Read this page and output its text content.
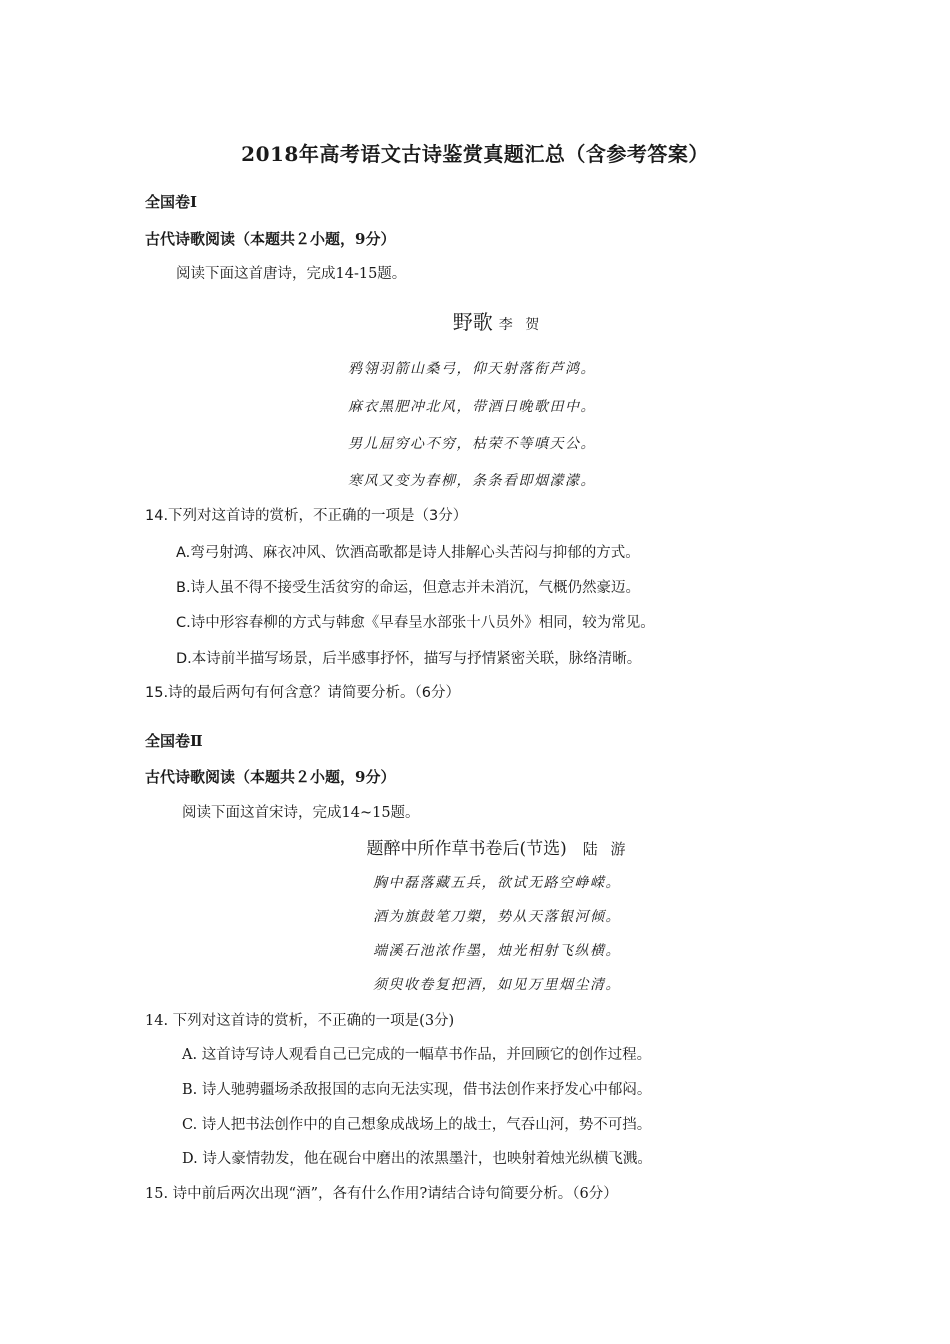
2018年高考语文古诗鉴赏真题汇总（含参考答案）
全国卷Ⅰ
古代诗歌阅读（本题共２小题，9分）
阅读下面这首唐诗，完成14-15题。
野歌 李 贺
鸦翎羽箭山桑弓，仰天射落衔芦鸿。
麻衣黑肥冲北风，带酒日晚歌田中。
男儿屈穷心不穷，枯荣不等嗔天公。
寒风又变为春柳，条条看即烟濛濛。
14.下列对这首诗的赏析，不正确的一项是（3分）
A.弯弓射鸿、麻衣冲风、饮酒高歌都是诗人排解心头苦闷与抑郁的方式。
B.诗人虽不得不接受生活贫穷的命运，但意志并未消沉，气概仍然豪迈。
C.诗中形容春柳的方式与韩愈《早春呈水部张十八员外》相同，较为常见。
D.本诗前半描写场景，后半感事抒怀，描写与抒情紧密关联，脉络清晰。
15.诗的最后两句有何含意？请简要分析。（6分）
全国卷Ⅱ
古代诗歌阅读（本题共２小题，9分）
阅读下面这首宋诗，完成14~15题。
题醉中所作草书卷后(节选) 陆 游
胸中磊落藏五兵，欲试无路空峥嵘。
酒为旗鼓笔刀槊，势从天落银河倾。
端溪石池浓作墨，烛光相射飞纵横。
须臾收卷复把酒，如见万里烟尘清。
14. 下列对这首诗的赏析，不正确的一项是(3分)
A. 这首诗写诗人观看自己已完成的一幅草书作品，并回顾它的创作过程。
B. 诗人驰骋疆场杀敌报国的志向无法实现，借书法创作来抒发心中郁闷。
C. 诗人把书法创作中的自己想象成战场上的战士，气吞山河，势不可挡。
D. 诗人豪情勃发，他在砚台中磨出的浓黑墨汁，也映射着烛光纵横飞溅。
15. 诗中前后两次出现“酒”，各有什么作用?请结合诗句简要分析。（6分）
